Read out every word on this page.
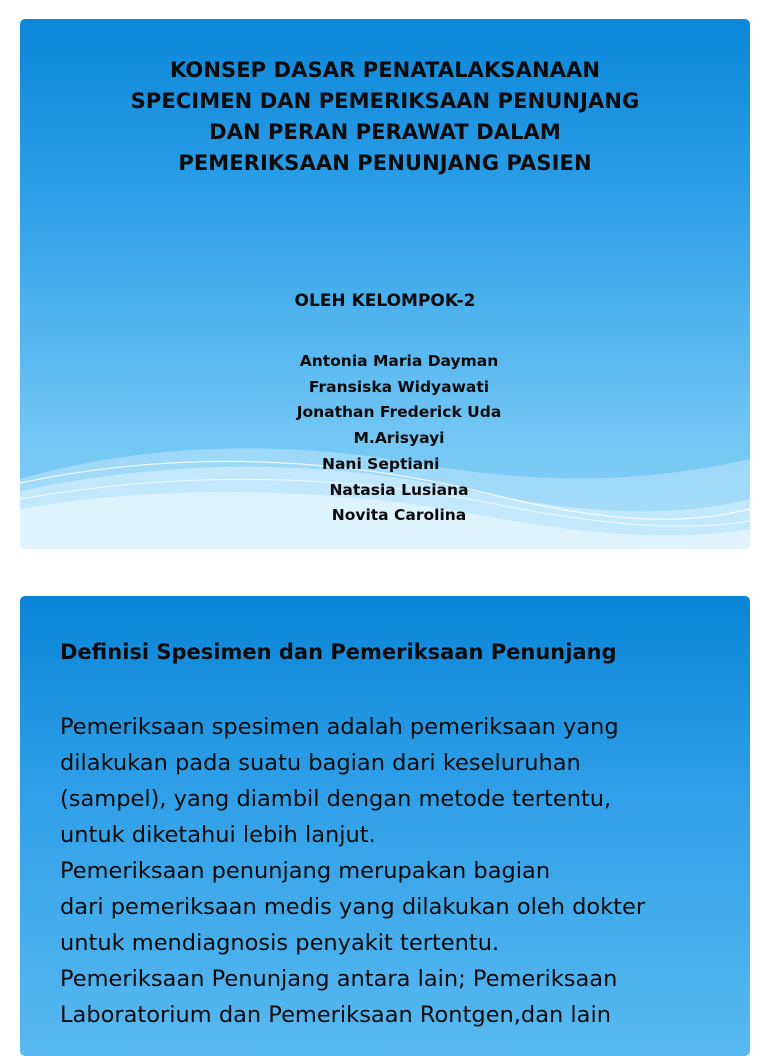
KONSEP DASAR PENATALAKSANAAN
SPECIMEN DAN PEMERIKSAAN PENUNJANG
DAN PERAN PERAWAT DALAM
PEMERIKSAAN PENUNJANG PASIEN
OLEH KELOMPOK-2
Antonia Maria Dayman
Fransiska Widyawati
Jonathan Frederick Uda
M.Arisyayi
Nani Septiani
Natasia Lusiana
Novita Carolina
Definisi Spesimen dan Pemeriksaan Penunjang
Pemeriksaan spesimen adalah pemeriksaan yang
dilakukan pada suatu bagian dari keseluruhan
(sampel), yang diambil dengan metode tertentu,
untuk diketahui lebih lanjut.
Pemeriksaan penunjang merupakan bagian
dari pemeriksaan medis yang dilakukan oleh dokter
untuk mendiagnosis penyakit tertentu.
Pemeriksaan Penunjang antara lain; Pemeriksaan
Laboratorium dan Pemeriksaan Rontgen,dan lain
